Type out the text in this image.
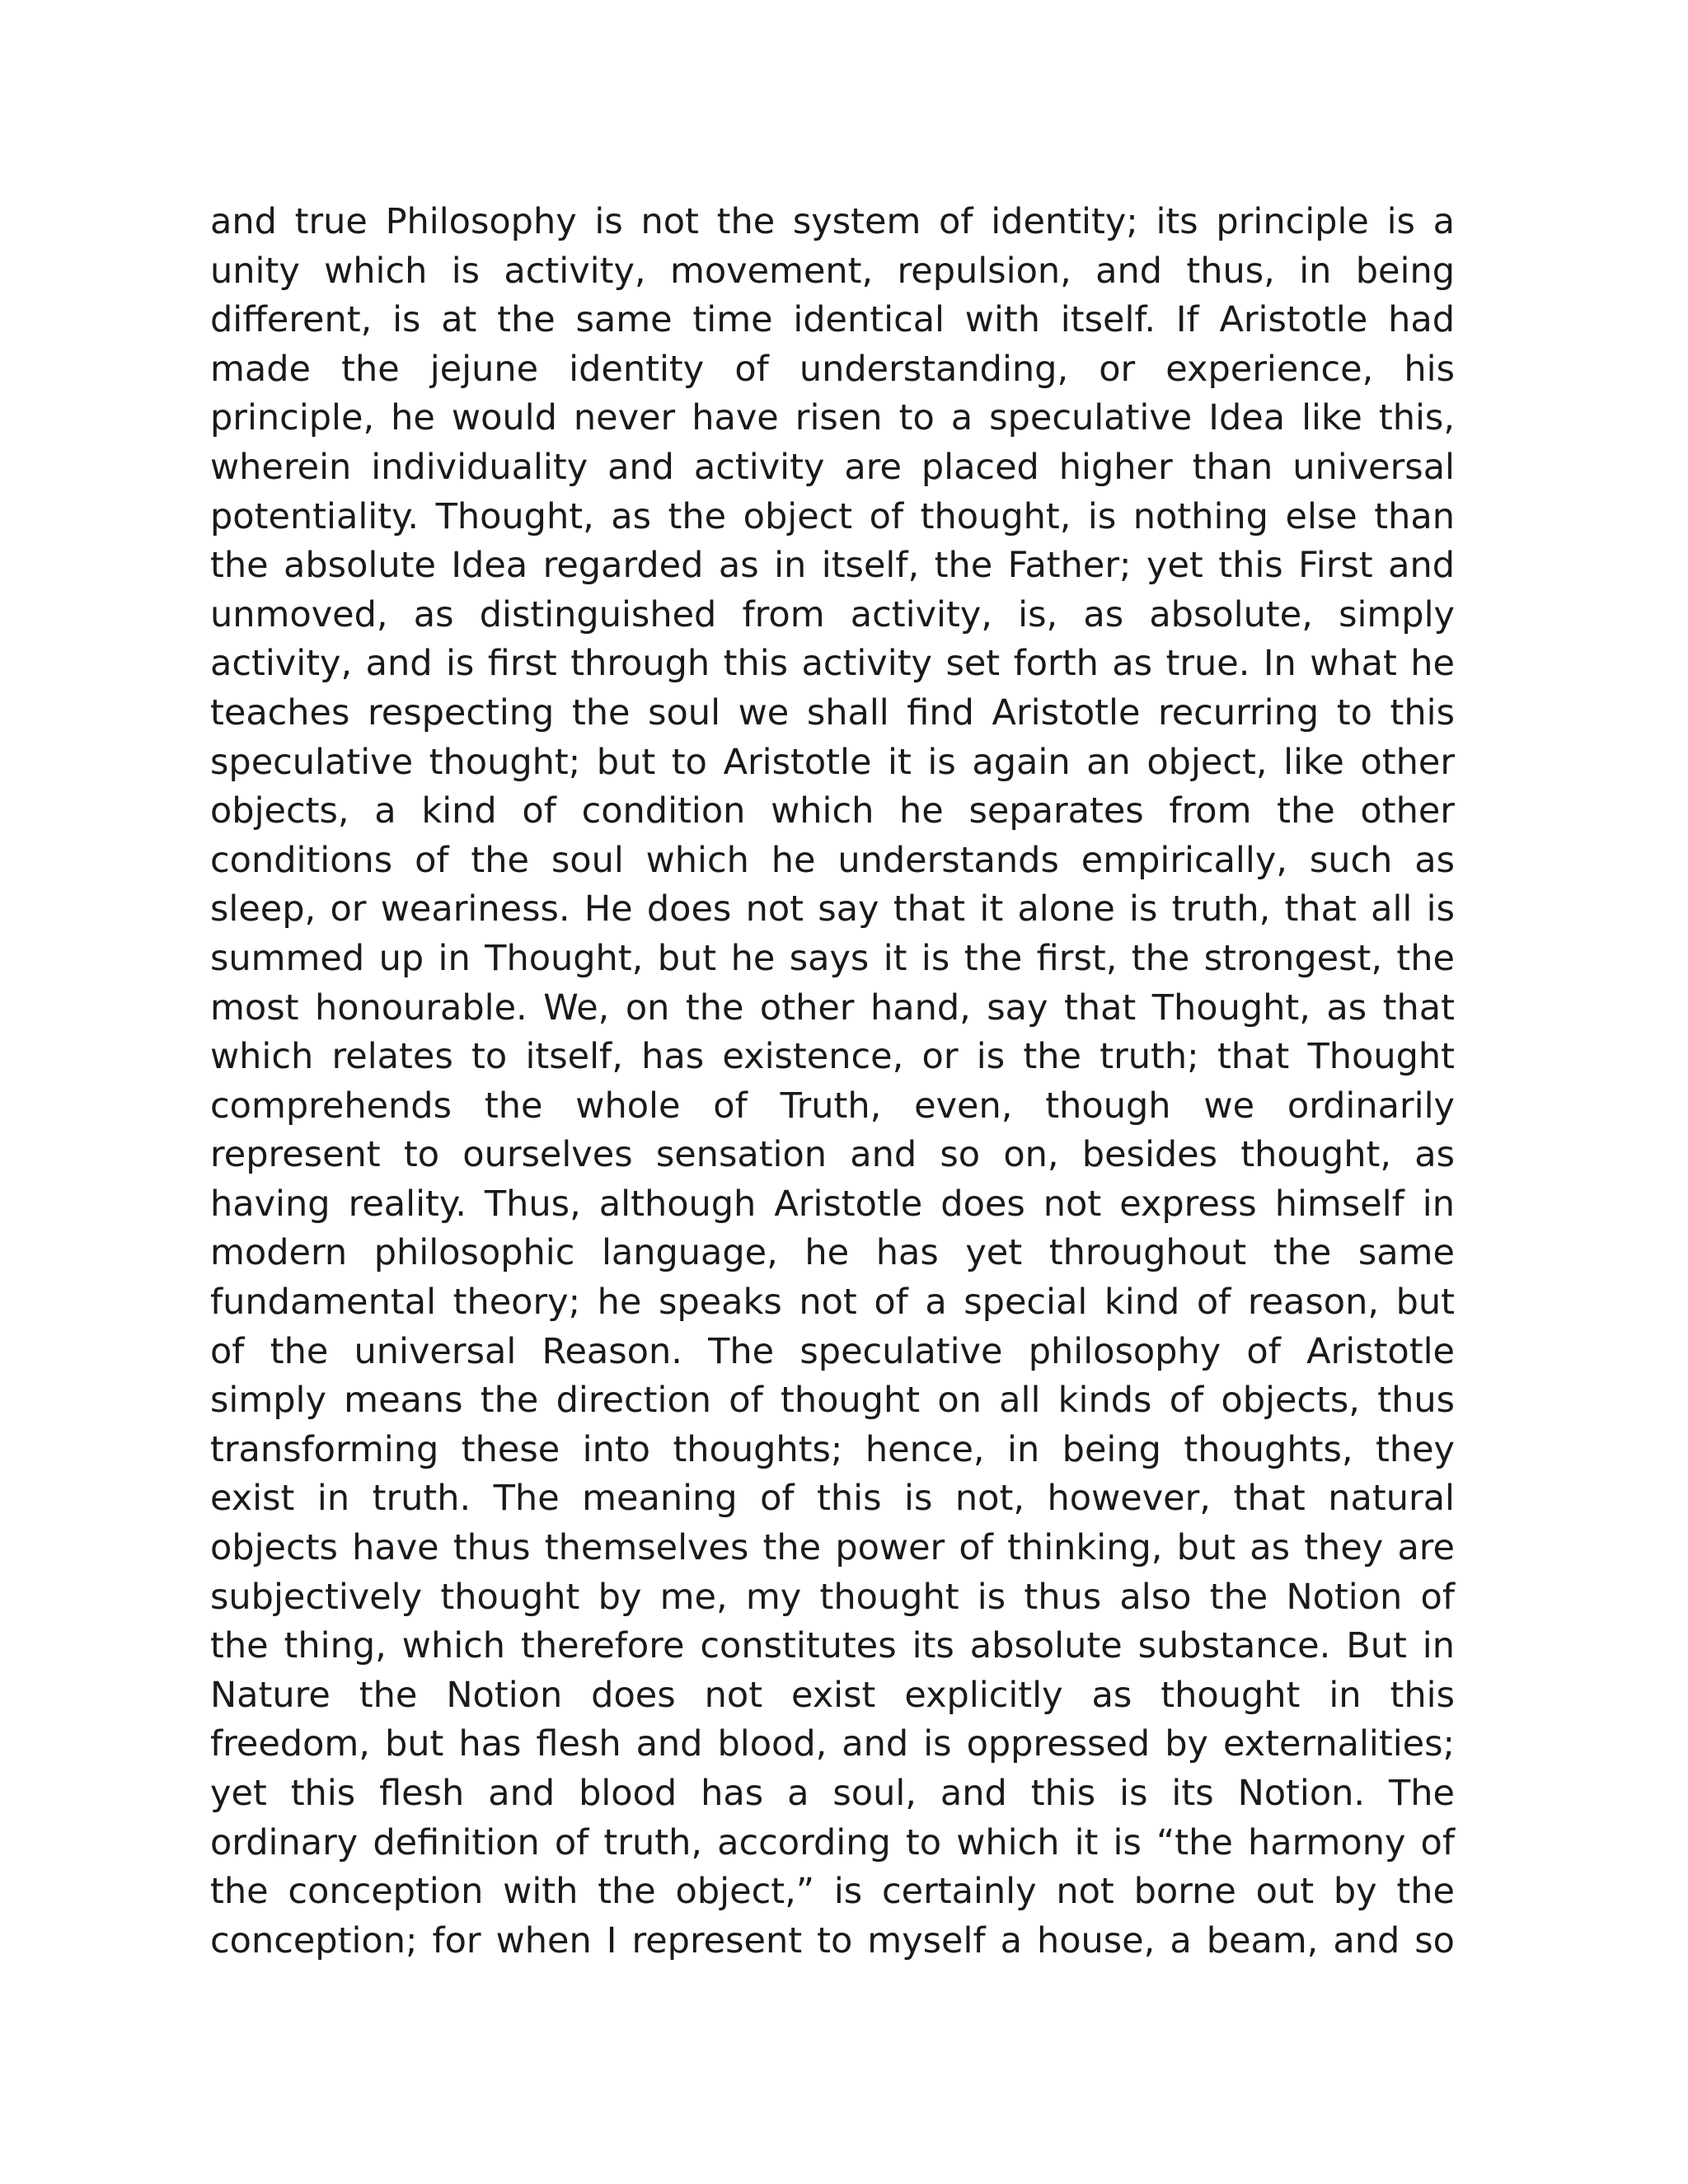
and true Philosophy is not the system of identity; its principle is a
unity which is activity, movement, repulsion, and thus, in being
different, is at the same time identical with itself. If Aristotle had
made the jejune identity of understanding, or experience, his
principle, he would never have risen to a speculative Idea like this,
wherein individuality and activity are placed higher than universal
potentiality. Thought, as the object of thought, is nothing else than
the absolute Idea regarded as in itself, the Father; yet this First and
unmoved, as distinguished from activity, is, as absolute, simply
activity, and is first through this activity set forth as true. In what he
teaches respecting the soul we shall find Aristotle recurring to this
speculative thought; but to Aristotle it is again an object, like other
objects, a kind of condition which he separates from the other
conditions of the soul which he understands empirically, such as
sleep, or weariness. He does not say that it alone is truth, that all is
summed up in Thought, but he says it is the first, the strongest, the
most honourable. We, on the other hand, say that Thought, as that
which relates to itself, has existence, or is the truth; that Thought
comprehends the whole of Truth, even, though we ordinarily
represent to ourselves sensation and so on, besides thought, as
having reality. Thus, although Aristotle does not express himself in
modern philosophic language, he has yet throughout the same
fundamental theory; he speaks not of a special kind of reason, but
of the universal Reason. The speculative philosophy of Aristotle
simply means the direction of thought on all kinds of objects, thus
transforming these into thoughts; hence, in being thoughts, they
exist in truth. The meaning of this is not, however, that natural
objects have thus themselves the power of thinking, but as they are
subjectively thought by me, my thought is thus also the Notion of
the thing, which therefore constitutes its absolute substance. But in
Nature the Notion does not exist explicitly as thought in this
freedom, but has flesh and blood, and is oppressed by externalities;
yet this flesh and blood has a soul, and this is its Notion. The
ordinary definition of truth, according to which it is “the harmony of
the conception with the object,” is certainly not borne out by the
conception; for when I represent to myself a house, a beam, and so
